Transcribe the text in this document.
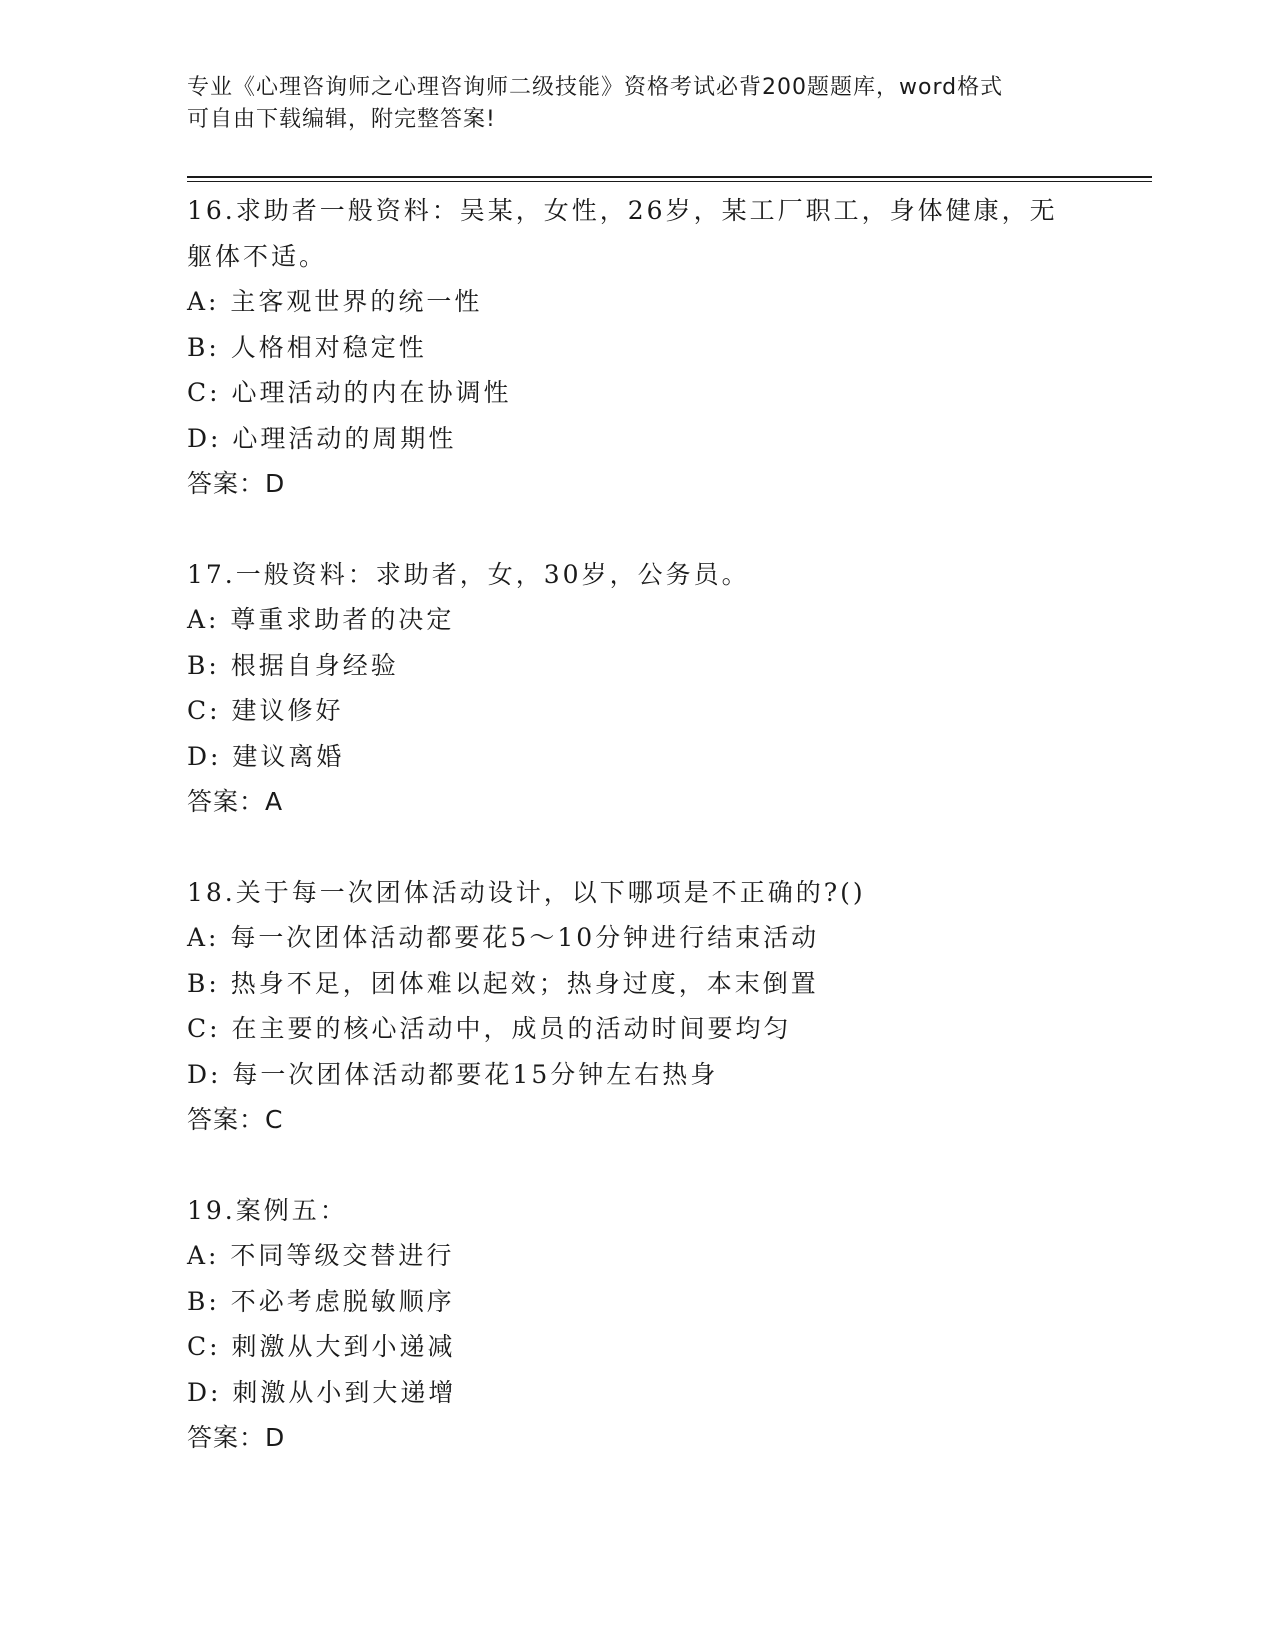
专业《心理咨询师之心理咨询师二级技能》资格考试必背200题题库，word格式
可自由下载编辑，附完整答案!
16.求助者一般资料：吴某，女性，26岁，某工厂职工，身体健康，无
躯体不适。
A: 主客观世界的统一性
B: 人格相对稳定性
C: 心理活动的内在协调性
D: 心理活动的周期性
答案：D
17.一般资料：求助者，女，30岁，公务员。
A: 尊重求助者的决定
B: 根据自身经验
C: 建议修好
D: 建议离婚
答案：A
18.关于每一次团体活动设计，以下哪项是不正确的?()
A: 每一次团体活动都要花5～10分钟进行结束活动
B: 热身不足，团体难以起效；热身过度，本末倒置
C: 在主要的核心活动中，成员的活动时间要均匀
D: 每一次团体活动都要花15分钟左右热身
答案：C
19.案例五：
A: 不同等级交替进行
B: 不必考虑脱敏顺序
C: 刺激从大到小递减
D: 刺激从小到大递增
答案：D
